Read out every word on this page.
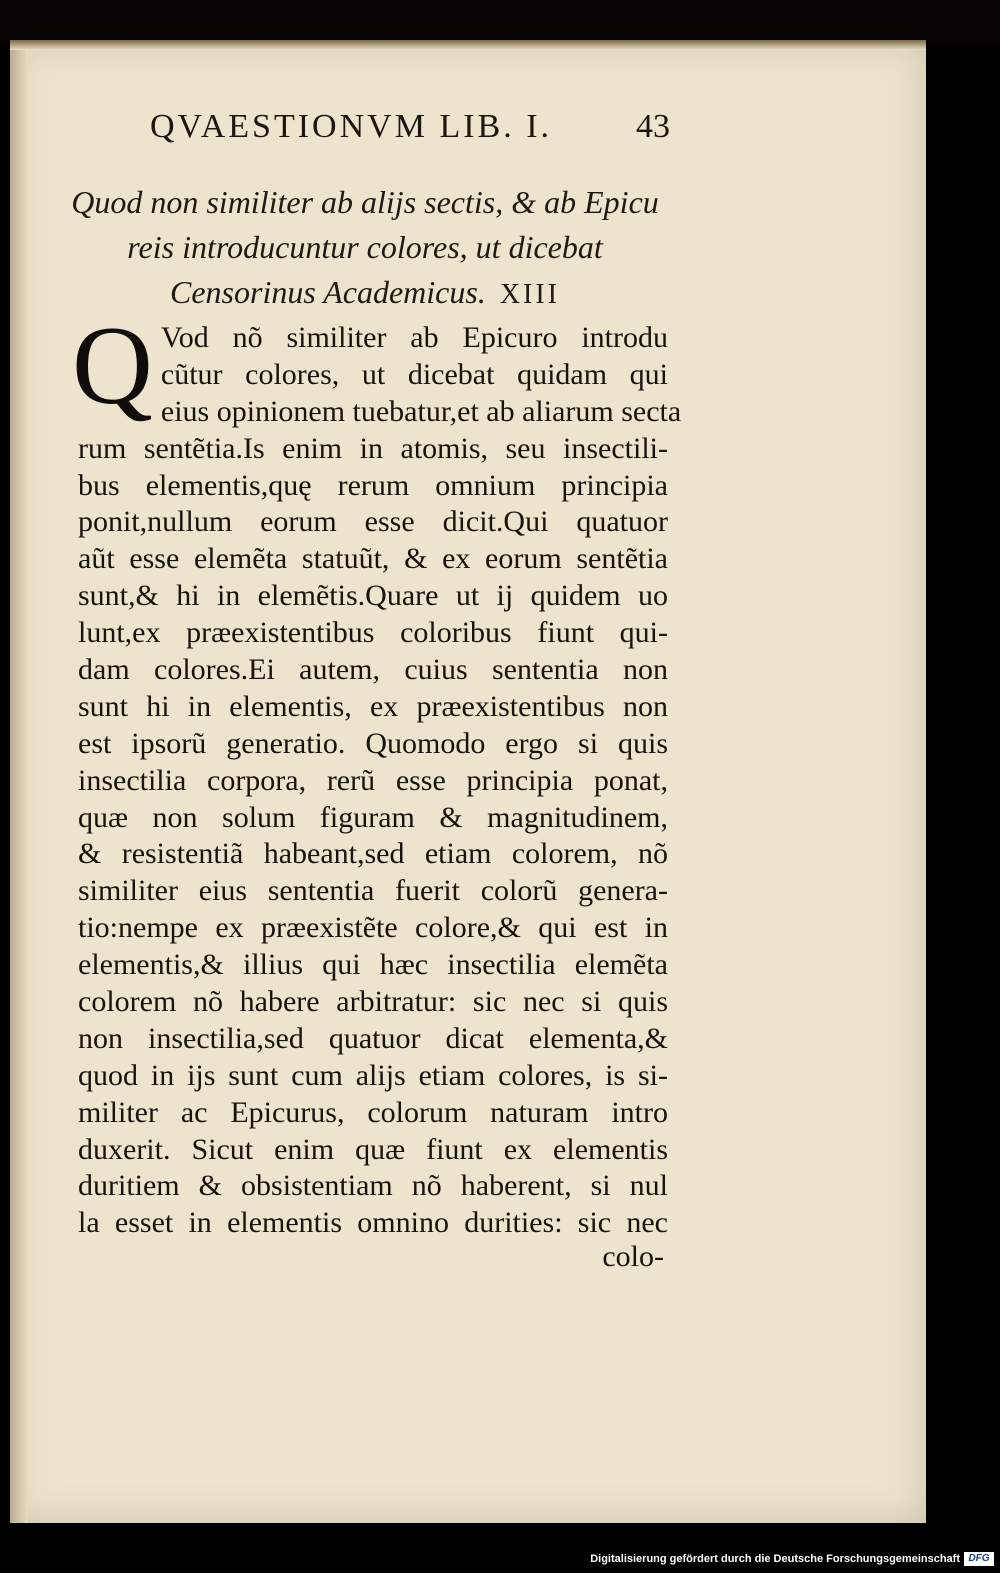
QVAESTIONVM LIB. I. 43
Quod non similiter ab alijs sectis, & ab Epicu
reis introducuntur colores, ut dicebat
Censorinus Academicus. XIII
Q Vod nõ similiter ab Epicuro introdu
cũtur colores, ut dicebat quidam qui
eius opinionem tuebatur,et ab aliarum secta
rum sentẽtia.Is enim in atomis, seu insectili-
bus elementis,quę rerum omnium principia
ponit,nullum eorum esse dicit.Qui quatuor
aũt esse elemẽta statuũt, & ex eorum sentẽtia
sunt,& hi in elemẽtis.Quare ut ij quidem uo
lunt,ex præexistentibus coloribus fiunt qui-
dam colores.Ei autem, cuius sententia non
sunt hi in elementis, ex præexistentibus non
est ipsorũ generatio. Quomodo ergo si quis
insectilia corpora, rerũ esse principia ponat,
quæ non solum figuram & magnitudinem,
& resistentiã habeant,sed etiam colorem, nõ
similiter eius sententia fuerit colorũ genera-
tio:nempe ex præexistẽte colore,& qui est in
elementis,& illius qui hæc insectilia elemẽta
colorem nõ habere arbitratur: sic nec si quis
non insectilia,sed quatuor dicat elementa,&
quod in ijs sunt cum alijs etiam colores, is si-
militer ac Epicurus, colorum naturam intro
duxerit. Sicut enim quæ fiunt ex elementis
duritiem & obsistentiam nõ haberent, si nul
la esset in elementis omnino durities: sic nec
colo-
Digitalisierung gefördert durch die Deutsche Forschungsgemeinschaft DFG
